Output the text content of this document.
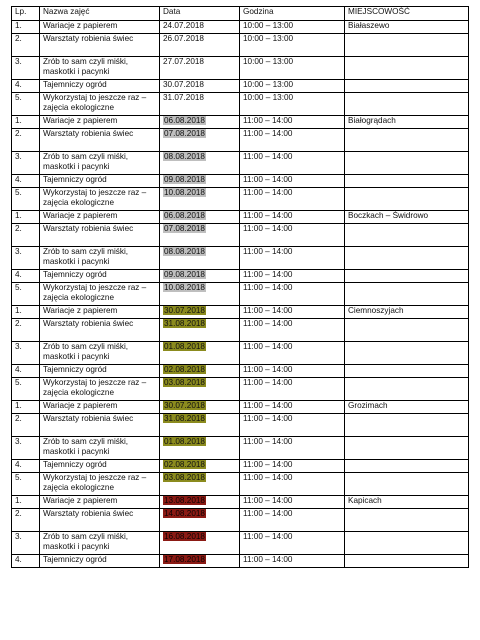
Lp.	Nazwa zajęć	Data	Godzina	MIEJSCOWOŚĆ
1.	Wariacje z papierem	24.07.2018	10:00 – 13:00	Białaszewo
2.	Warsztaty robienia świec	26.07.2018	10:00 – 13:00	
3.	Zrób to sam czyli miśki, maskotki i pacynki	27.07.2018	10:00 – 13:00	
4.	Tajemniczy ogród	30.07.2018	10:00 – 13:00	
5.	Wykorzystaj to jeszcze raz – zajęcia ekologiczne	31.07.2018	10:00 – 13:00	
1.	Wariacje z papierem	06.08.2018	11:00 – 14:00	Białogrądach
2.	Warsztaty robienia świec	07.08.2018	11:00 – 14:00	
3.	Zrób to sam czyli miśki, maskotki i pacynki	08.08.2018	11:00 – 14:00	
4.	Tajemniczy ogród	09.08.2018	11:00 – 14:00	
5.	Wykorzystaj to jeszcze raz – zajęcia ekologiczne	10.08.2018	11:00 – 14:00	
1.	Wariacje z papierem	06.08.2018	11:00 – 14:00	Boczkach – Świdrowo
2.	Warsztaty robienia świec	07.08.2018	11:00 – 14:00	
3.	Zrób to sam czyli miśki, maskotki i pacynki	08.08.2018	11:00 – 14:00	
4.	Tajemniczy ogród	09.08.2018	11:00 – 14:00	
5.	Wykorzystaj to jeszcze raz – zajęcia ekologiczne	10.08.2018	11:00 – 14:00	
1.	Wariacje z papierem	30.07.2018	11:00 – 14:00	Ciemnoszyjach
2.	Warsztaty robienia świec	31.08.2018	11:00 – 14:00	
3.	Zrób to sam czyli miśki, maskotki i pacynki	01.08.2018	11:00 – 14:00	
4.	Tajemniczy ogród	02.08.2018	11:00 – 14:00	
5.	Wykorzystaj to jeszcze raz – zajęcia ekologiczne	03.08.2018	11:00 – 14:00	
1.	Wariacje z papierem	30.07.2018	11:00 – 14:00	Grozimach
2.	Warsztaty robienia świec	31.08.2018	11:00 – 14:00	
3.	Zrób to sam czyli miśki, maskotki i pacynki	01.08.2018	11:00 – 14:00	
4.	Tajemniczy ogród	02.08.2018	11:00 – 14:00	
5.	Wykorzystaj to jeszcze raz – zajęcia ekologiczne	03.08.2018	11:00 – 14:00	
1.	Wariacje z papierem	13.08.2018	11:00 – 14:00	Kapicach
2.	Warsztaty robienia świec	14.08.2018	11:00 – 14:00	
3.	Zrób to sam czyli miśki, maskotki i pacynki	16.08.2018	11:00 – 14:00	
4.	Tajemniczy ogród	17.08.2018	11:00 – 14:00	
